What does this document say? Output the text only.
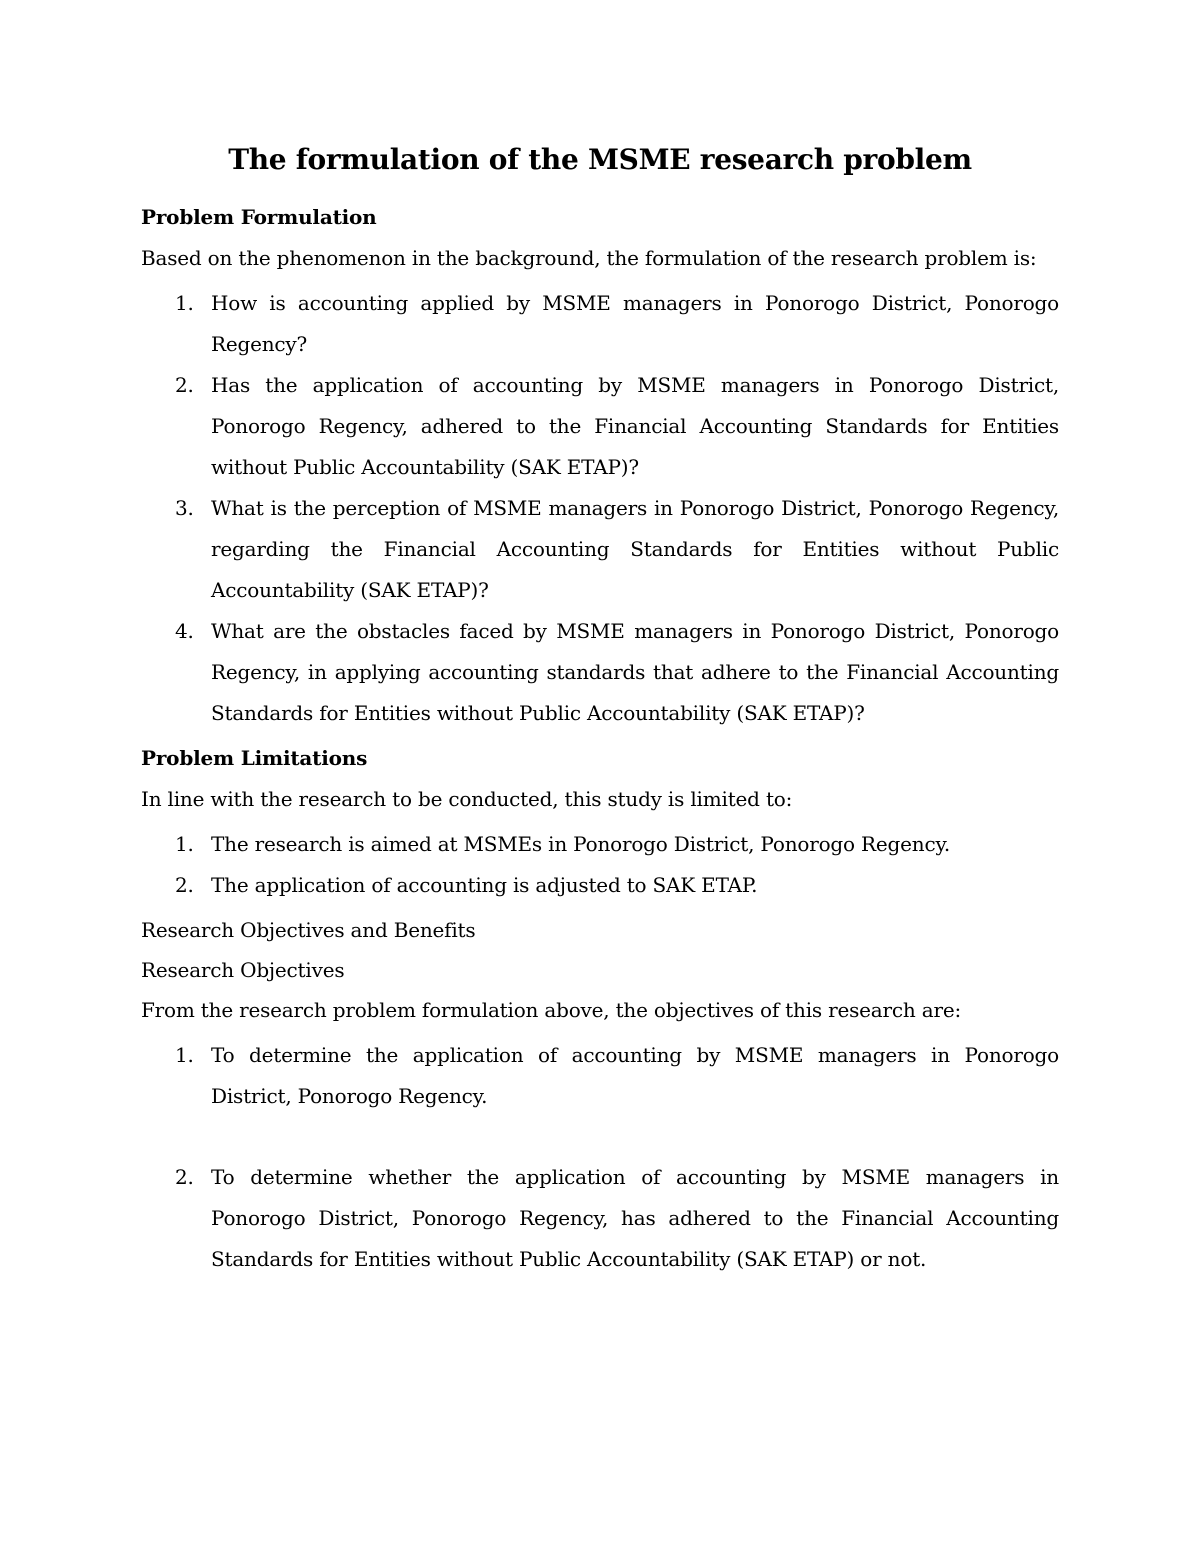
The formulation of the MSME research problem
Problem Formulation
Based on the phenomenon in the background, the formulation of the research problem is:
1. How is accounting applied by MSME managers in Ponorogo District, Ponorogo Regency?
2. Has the application of accounting by MSME managers in Ponorogo District, Ponorogo Regency, adhered to the Financial Accounting Standards for Entities without Public Accountability (SAK ETAP)?
3. What is the perception of MSME managers in Ponorogo District, Ponorogo Regency, regarding the Financial Accounting Standards for Entities without Public Accountability (SAK ETAP)?
4. What are the obstacles faced by MSME managers in Ponorogo District, Ponorogo Regency, in applying accounting standards that adhere to the Financial Accounting Standards for Entities without Public Accountability (SAK ETAP)?
Problem Limitations
In line with the research to be conducted, this study is limited to:
1. The research is aimed at MSMEs in Ponorogo District, Ponorogo Regency.
2. The application of accounting is adjusted to SAK ETAP.
Research Objectives and Benefits
Research Objectives
From the research problem formulation above, the objectives of this research are:
1. To determine the application of accounting by MSME managers in Ponorogo District, Ponorogo Regency.
2. To determine whether the application of accounting by MSME managers in Ponorogo District, Ponorogo Regency, has adhered to the Financial Accounting Standards for Entities without Public Accountability (SAK ETAP) or not.
